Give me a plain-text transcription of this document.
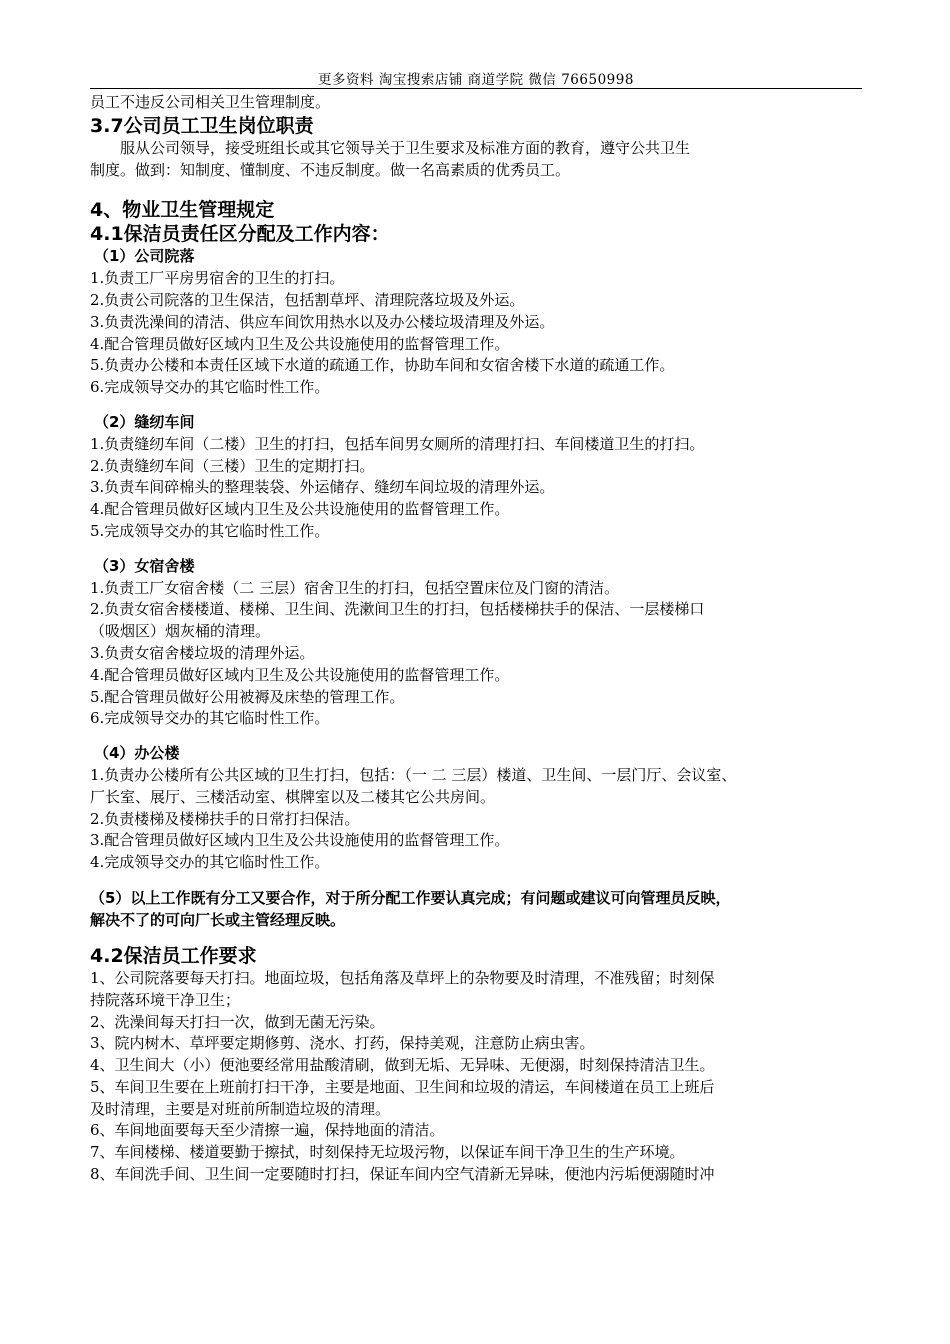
更多资料 淘宝搜索店铺 商道学院 微信 76650998
员工不违反公司相关卫生管理制度。
3.7公司员工卫生岗位职责
服从公司领导，接受班组长或其它领导关于卫生要求及标准方面的教育，遵守公共卫生
制度。做到：知制度、懂制度、不违反制度。做一名高素质的优秀员工。
4、物业卫生管理规定
4.1保洁员责任区分配及工作内容：
（1）公司院落
1.负责工厂平房男宿舍的卫生的打扫。
2.负责公司院落的卫生保洁，包括割草坪、清理院落垃圾及外运。
3.负责洗澡间的清洁、供应车间饮用热水以及办公楼垃圾清理及外运。
4.配合管理员做好区域内卫生及公共设施使用的监督管理工作。
5.负责办公楼和本责任区域下水道的疏通工作，协助车间和女宿舍楼下水道的疏通工作。
6.完成领导交办的其它临时性工作。
（2）缝纫车间
1.负责缝纫车间（二楼）卫生的打扫，包括车间男女厕所的清理打扫、车间楼道卫生的打扫。
2.负责缝纫车间（三楼）卫生的定期打扫。
3.负责车间碎棉头的整理装袋、外运储存、缝纫车间垃圾的清理外运。
4.配合管理员做好区域内卫生及公共设施使用的监督管理工作。
5.完成领导交办的其它临时性工作。
（3）女宿舍楼
1.负责工厂女宿舍楼（二 三层）宿舍卫生的打扫，包括空置床位及门窗的清洁。
2.负责女宿舍楼楼道、楼梯、卫生间、洗漱间卫生的打扫，包括楼梯扶手的保洁、一层楼梯口
（吸烟区）烟灰桶的清理。
3.负责女宿舍楼垃圾的清理外运。
4.配合管理员做好区域内卫生及公共设施使用的监督管理工作。
5.配合管理员做好公用被褥及床垫的管理工作。
6.完成领导交办的其它临时性工作。
（4）办公楼
1.负责办公楼所有公共区域的卫生打扫，包括：（一 二 三层）楼道、卫生间、一层门厅、会议室、
厂长室、展厅、三楼活动室、棋牌室以及二楼其它公共房间。
2.负责楼梯及楼梯扶手的日常打扫保洁。
3.配合管理员做好区域内卫生及公共设施使用的监督管理工作。
4.完成领导交办的其它临时性工作。
（5）以上工作既有分工又要合作，对于所分配工作要认真完成；有问题或建议可向管理员反映，
解决不了的可向厂长或主管经理反映。
4.2保洁员工作要求
1、公司院落要每天打扫。地面垃圾，包括角落及草坪上的杂物要及时清理，不准残留；时刻保
持院落环境干净卫生；
2、洗澡间每天打扫一次，做到无菌无污染。
3、院内树木、草坪要定期修剪、浇水、打药，保持美观，注意防止病虫害。
4、卫生间大（小）便池要经常用盐酸清刷，做到无垢、无异味、无便溺，时刻保持清洁卫生。
5、车间卫生要在上班前打扫干净，主要是地面、卫生间和垃圾的清运，车间楼道在员工上班后
及时清理，主要是对班前所制造垃圾的清理。
6、车间地面要每天至少清擦一遍，保持地面的清洁。
7、车间楼梯、楼道要勤于擦拭，时刻保持无垃圾污物，以保证车间干净卫生的生产环境。
8、车间洗手间、卫生间一定要随时打扫，保证车间内空气清新无异味，便池内污垢便溺随时冲
